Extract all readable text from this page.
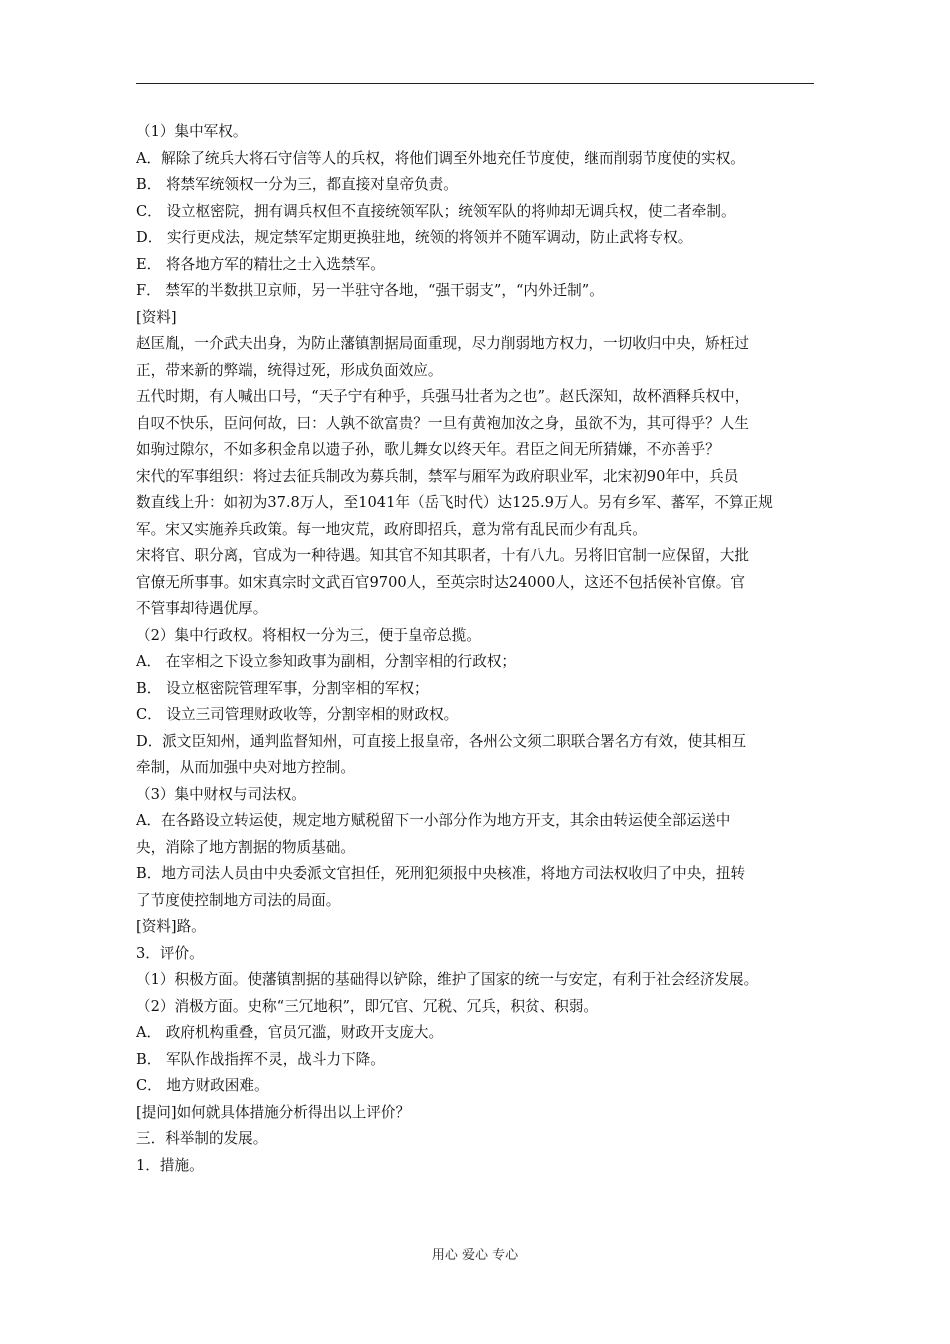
（1）集中军权。
A．解除了统兵大将石守信等人的兵权，将他们调至外地充任节度使，继而削弱节度使的实权。
B． 将禁军统领权一分为三，都直接对皇帝负责。
C． 设立枢密院，拥有调兵权但不直接统领军队；统领军队的将帅却无调兵权，使二者牵制。
D． 实行更戍法，规定禁军定期更换驻地，统领的将领并不随军调动，防止武将专权。
E． 将各地方军的精壮之士入选禁军。
F． 禁军的半数拱卫京师，另一半驻守各地，“强干弱支”，“内外迁制”。
[资料]
赵匡胤，一介武夫出身，为防止藩镇割据局面重现，尽力削弱地方权力，一切收归中央，矫枉过
正，带来新的弊端，统得过死，形成负面效应。
五代时期，有人喊出口号，“天子宁有种乎，兵强马壮者为之也”。赵氏深知，故杯酒释兵权中，
自叹不快乐，臣问何故，曰：人孰不欲富贵？一旦有黄袍加汝之身，虽欲不为，其可得乎？人生
如驹过隙尔，不如多积金帛以遗子孙，歌儿舞女以终天年。君臣之间无所猜嫌，不亦善乎？
宋代的军事组织：将过去征兵制改为募兵制，禁军与厢军为政府职业军，北宋初90年中，兵员
数直线上升：如初为37.8万人，至1041年（岳飞时代）达125.9万人。另有乡军、蕃军，不算正规
军。宋又实施养兵政策。每一地灾荒，政府即招兵，意为常有乱民而少有乱兵。
宋将官、职分离，官成为一种待遇。知其官不知其职者，十有八九。另将旧官制一应保留，大批
官僚无所事事。如宋真宗时文武百官9700人，至英宗时达24000人，这还不包括侯补官僚。官
不管事却待遇优厚。
（2）集中行政权。将相权一分为三，便于皇帝总揽。
A． 在宰相之下设立参知政事为副相，分割宰相的行政权；
B． 设立枢密院管理军事，分割宰相的军权；
C． 设立三司管理财政收等，分割宰相的财政权。
D．派文臣知州，通判监督知州，可直接上报皇帝，各州公文须二职联合署名方有效，使其相互
牵制，从而加强中央对地方控制。
（3）集中财权与司法权。
A．在各路设立转运使，规定地方赋税留下一小部分作为地方开支，其余由转运使全部运送中
央，消除了地方割据的物质基础。
B．地方司法人员由中央委派文官担任，死刑犯须报中央核准，将地方司法权收归了中央，扭转
了节度使控制地方司法的局面。
[资料]路。
3．评价。
（1）积极方面。使藩镇割据的基础得以铲除，维护了国家的统一与安定，有利于社会经济发展。
（2）消极方面。史称“三冗地积”，即冗官、冗税、冗兵，积贫、积弱。
A． 政府机构重叠，官员冗滥，财政开支庞大。
B． 军队作战指挥不灵，战斗力下降。
C． 地方财政困难。
[提问]如何就具体措施分析得出以上评价？
三．科举制的发展。
1．措施。
用心 爱心 专心
